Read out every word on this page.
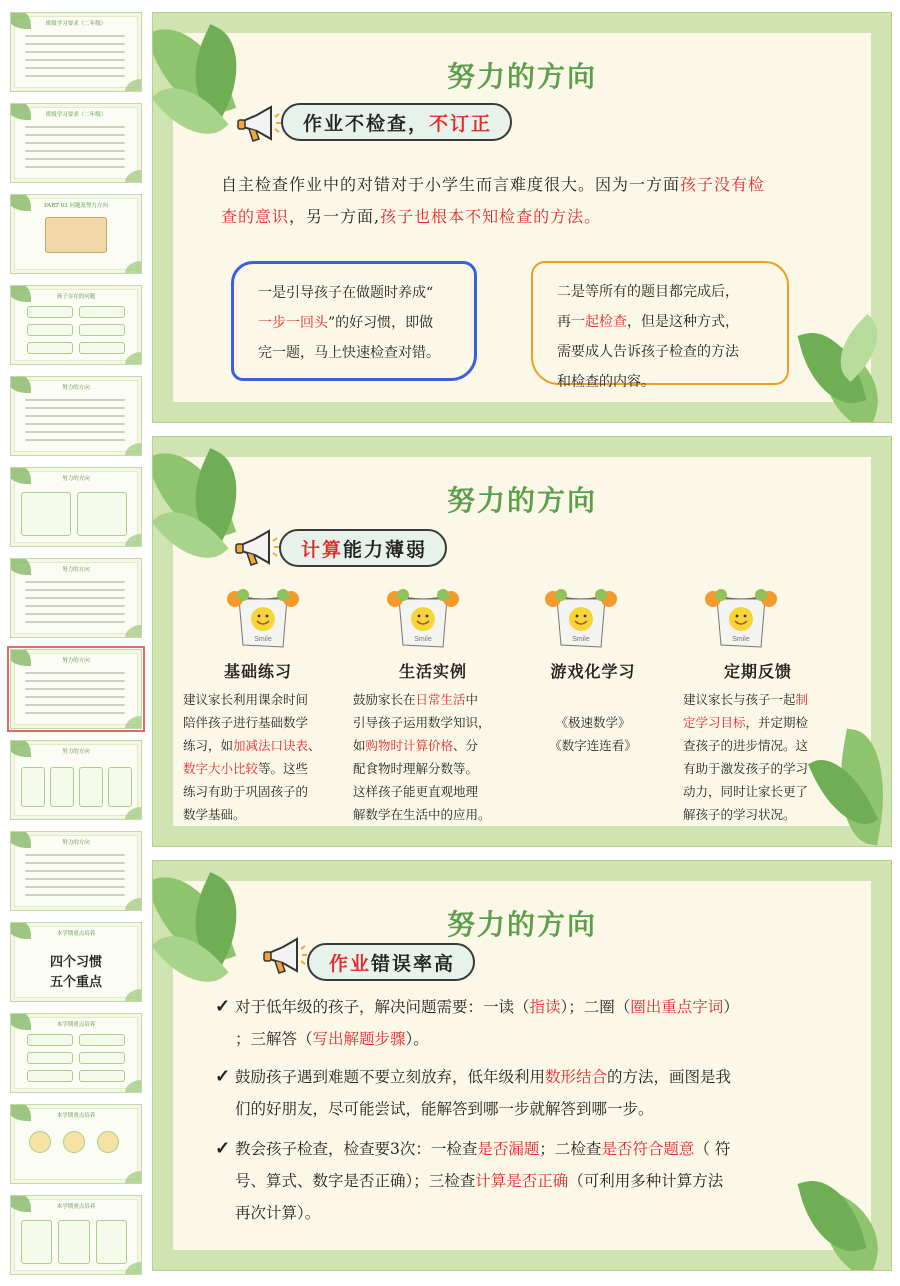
班级学习要求（二年级）
班级学习要求（二年级）
PART 03 问题及努力方向
孩子存在的问题
努力的方向
努力的方向
努力的方向
努力的方向
努力的方向
努力的方向
本学期重点培养
四个习惯
五个重点
本学期重点培养
本学期重点培养
本学期重点培养
努力的方向
作业不检查， 不订正
自主检查作业中的对错对于小学生而言难度很大。因为一方面孩子没有检
查的意识，另一方面,孩子也根本不知检查的方法。
一是引导孩子在做题时养成“
一步一回头”的好习惯，即做
完一题，马上快速检查对错。
二是等所有的题目都完成后，
再一起检查，但是这种方式，
需要成人告诉孩子检查的方法
和检查的内容。
努力的方向
计算 能力薄弱
Smile
基础练习

建议家长利用课余时间
陪伴孩子进行基础数学
练习，如加减法口诀表、
数字大小比较等。这些
练习有助于巩固孩子的
数学基础。

Smile
生活实例

鼓励家长在日常生活中
引导孩子运用数学知识，
如购物时计算价格、分
配食物时理解分数等。
这样孩子能更直观地理
解数学在生活中的应用。

Smile
游戏化学习

《极速数学》
《数字连连看》

Smile
定期反馈

建议家长与孩子一起制
定学习目标，并定期检
查孩子的进步情况。这
有助于激发孩子的学习
动力，同时让家长更了
解孩子的学习状况。

努力的方向
作业 错误率高
✓ 对于低年级的孩子，解决问题需要：一读（指读）；二圈（圈出重点字词）
；三解答（写出解题步骤）。
✓ 鼓励孩子遇到难题不要立刻放弃，低年级利用数形结合的方法，画图是我
们的好朋友，尽可能尝试，能解答到哪一步就解答到哪一步。
✓ 教会孩子检查，检查要3次：一检查是否漏题；二检查是否符合题意（ 符
号、算式、数字是否正确）；三检查计算是否正确（可利用多种计算方法
再次计算）。
